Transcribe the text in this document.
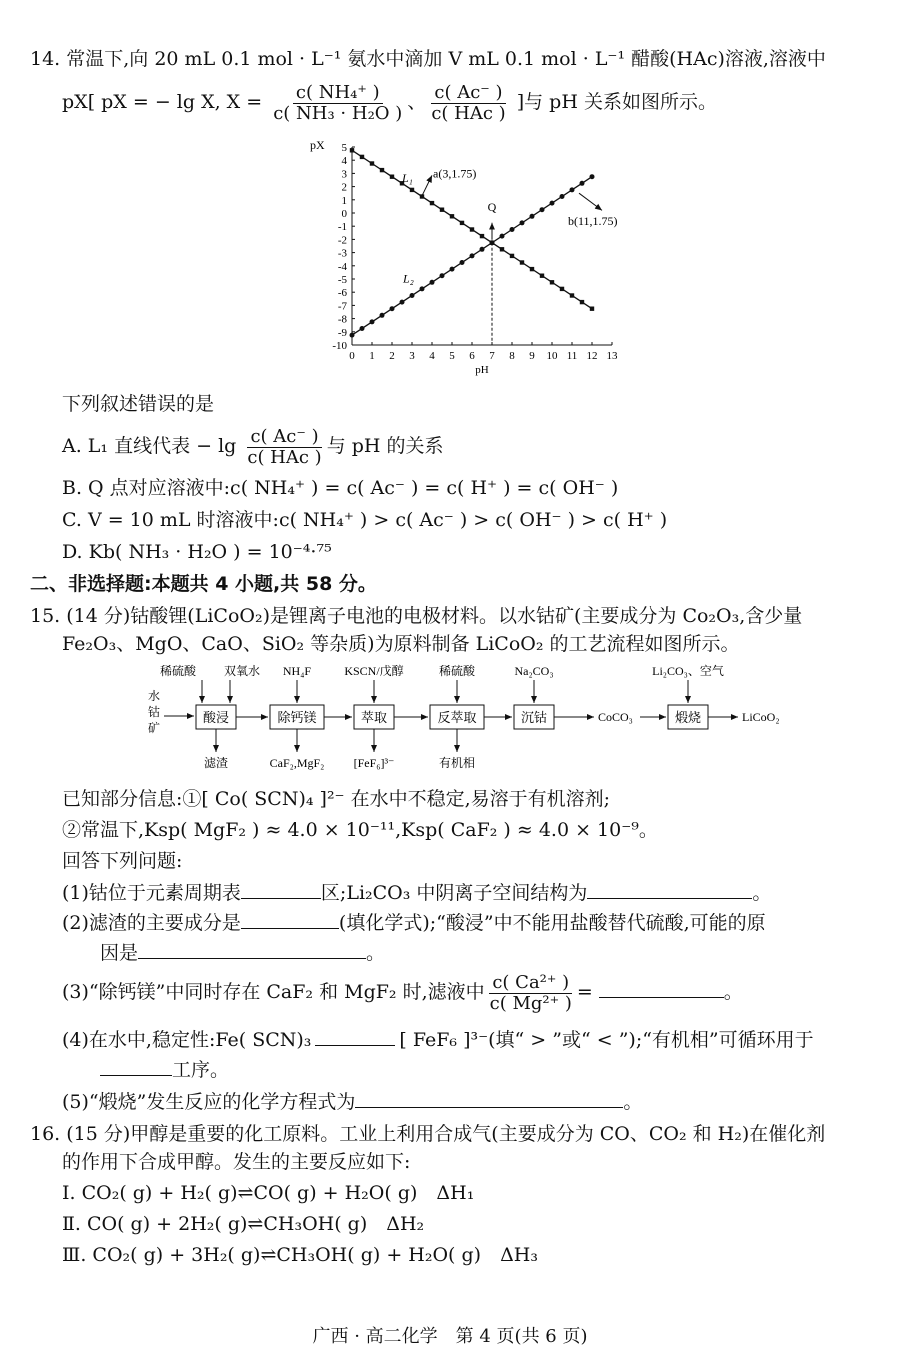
14. 常温下,向 20 mL 0.1 mol · L⁻¹ 氨水中滴加 V mL 0.1 mol · L⁻¹ 醋酸(HAc)溶液,溶液中
pX[ pX = − lg X, $X = \frac{\text{c( NH₄⁺ )}}{\text{c( NH₃ · H₂O )}}$ 、 $\frac{c( Ac^- )}{\text{c( HAc )}}$ ]与 pH 关系如图所示。
0 1 2 3 4 5 6 7 8 9 10 11 12 13
5
4
3
2
1
0
-1
-2
-3
-4
-5
-6
-7
-8
-9
-10
pH
pX
L₁
L₂
a(3,1.75)
b(11,1.75)
Q
下列叙述错误的是
A. L₁ 直线代表 − $\lg \frac{c( Ac^- )}{\text{c( HAc )}}$ 与 pH 的关系
B. Q 点对应溶液中:c( NH₄⁺ ) = c( Ac⁻ ) = c( H⁺ ) = c( OH⁻ )
C. V = 10 mL 时溶液中:c( NH₄⁺ ) > c( Ac⁻ ) > c( OH⁻ ) > c( H⁺ )
D. Kb( NH₃ · H₂O ) = 10⁻⁴·⁷⁵
二、非选择题:本题共 4 小题,共 58 分。
15. (14 分)钴酸锂(LiCoO₂)是锂离子电池的电极材料。以水钴矿(主要成分为 Co₂O₃,含少量
Fe₂O₃、MgO、CaO、SiO₂ 等杂质)为原料制备 LiCoO₂ 的工艺流程如图所示。
水
钴
矿
酸浸
稀硫酸 双氧水
滤渣
除钙镁
NH₄F
CaF₂,MgF₂
萃取
KSCN/戊醇
[FeF₆]³⁻
反萃取
稀硫酸
有机相
沉钴
Na₂CO₃
CoCO₃	煅烧
Li₂CO₃、空气
LiCoO₂
已知部分信息:①[ Co( SCN)₄ ]²⁻ 在水中不稳定,易溶于有机溶剂;
②常温下,Ksp( MgF₂ ) ≈ 4.0 × 10⁻¹¹,Ksp( CaF₂ ) ≈ 4.0 × 10⁻⁹。
回答下列问题:
(1)钴位于元素周期表	区;Li₂CO₃ 中阴离子空间结构为	。
(2)滤渣的主要成分是	(填化学式);“酸浸”中不能用盐酸替代硫酸,可能的原
因是	。
(3)“除钙镁”中同时存在 CaF₂ 和 MgF₂ 时,滤液中 $\frac{\text{c( Ca²⁺ )}}{\text{c( Mg²⁺ )}}$ =	。
(4)在水中,稳定性:Fe( SCN)₃	[ FeF₆ ]³⁻(填“ > ”或“ < ”);“有机相”可循环用于
工序。
(5)“煅烧”发生反应的化学方程式为	。
16. (15 分)甲醇是重要的化工原料。工业上利用合成气(主要成分为 CO、CO₂ 和 H₂)在催化剂
的作用下合成甲醇。发生的主要反应如下:
Ⅰ. CO₂( g) + H₂( g)⇌CO( g) + H₂O( g)　ΔH₁
Ⅱ. CO( g) + 2H₂( g)⇌CH₃OH( g)　ΔH₂
Ⅲ. CO₂( g) + 3H₂( g)⇌CH₃OH( g) + H₂O( g)　ΔH₃
广西 · 高二化学　第 4 页(共 6 页)
